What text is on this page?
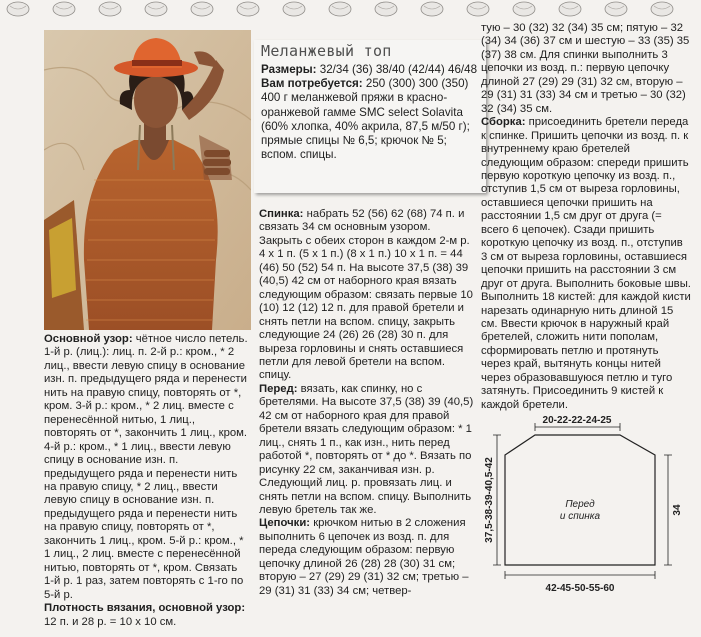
Меланжевый топ
Размеры: 32/34 (36) 38/40 (42/44) 46/48
Вам потребуется: 250 (300) 300 (350) 400 г меланжевой пряжи в красно-оранжевой гамме SMC select Solavita (60% хлопка, 40% акрила, 87,5 м/50 г); прямые спицы № 6,5; крючок № 5; вспом. спицы.

Основной узор: чётное число петель. 1-й р. (лиц.): лиц. п. 2-й р.: кром., * 2 лиц., ввести левую спицу в основание изн. п. предыдущего ряда и перенести нить на правую спицу, повторять от *, кром. 3-й р.: кром., * 2 лиц. вместе с перенесённой нитью, 1 лиц., повторять от *, закончить 1 лиц., кром. 4-й р.: кром., * 1 лиц., ввести левую спицу в основание изн. п. предыдущего ряда и перенести нить на правую спицу, * 2 лиц., ввести левую спицу в основание изн. п. предыдущего ряда и перенести нить на правую спицу, повторять от *, закончить 1 лиц., кром. 5-й р.: кром., * 1 лиц., 2 лиц. вместе с перенесённой нитью, повторять от *, кром. Связать 1-й р. 1 раз, затем повторять с 1-го по 5-й р.

Плотность вязания, основной узор:

12 п. и 28 р. = 10 x 10 см.

Спинка: набрать 52 (56) 62 (68) 74 п. и связать 34 см основным узором. Закрыть с обеих сторон в каждом 2-м р. 4 x 1 п. (5 x 1 п.) (8 x 1 п.) 10 x 1 п. = 44 (46) 50 (52) 54 п. На высоте 37,5 (38) 39 (40,5) 42 см от наборного края вязать следующим образом: связать первые 10 (10) 12 (12) 12 п. для правой бретели и снять петли на вспом. спицу, закрыть следующие 24 (26) 26 (28) 30 п. для выреза горловины и снять оставшиеся петли для левой бретели на вспом. спицу.

Перед: вязать, как спинку, но с бретелями. На высоте 37,5 (38) 39 (40,5) 42 см от наборного края для правой бретели вязать следующим образом: * 1 лиц., снять 1 п., как изн., нить перед работой *, повторять от * до *. Вязать по рисунку 22 см, заканчивая изн. р. Следующий лиц. р. провязать лиц. и снять петли на вспом. спицу. Выполнить левую бретель так же.

Цепочки: крючком нитью в 2 сложения выполнить 6 цепочек из возд. п. для переда следующим образом: первую цепочку длиной 26 (28) 28 (30) 31 см; вторую – 27 (29) 29 (31) 32 см; третью – 29 (31) 31 (33) 34 см; четвер-

тую – 30 (32) 32 (34) 35 см; пятую – 32 (34) 34 (36) 37 см и шестую – 33 (35) 35 (37) 38 см. Для спинки выполнить 3 цепочки из возд. п.: первую цепочку длиной 27 (29) 29 (31) 32 см, вторую – 29 (31) 31 (33) 34 см и третью – 30 (32) 32 (34) 35 см.

Сборка: присоединить бретели переда к спинке. Пришить цепочки из возд. п. к внутреннему краю бретелей следующим образом: спереди пришить первую короткую цепочку из возд. п., отступив 1,5 см от выреза горловины, оставшиеся цепочки пришить на расстоянии 1,5 см друг от друга (= всего 6 цепочек). Сзади пришить короткую цепочку из возд. п., отступив 3 см от выреза горловины, оставшиеся цепочки пришить на расстоянии 3 см друг от друга. Выполнить боковые швы. Выполнить 18 кистей: для каждой кисти нарезать одинарную нить длиной 15 см. Ввести крючок в наружный край бретелей, сложить нити пополам, сформировать петлю и протянуть через край, вытянуть концы нитей через образовавшуюся петлю и туго затянуть. Присоединить 9 кистей к каждой бретели.

20-22-22-24-25
37,5-38-39-40,5-42	34
42-45-50-55-60
Перед
и спинка
